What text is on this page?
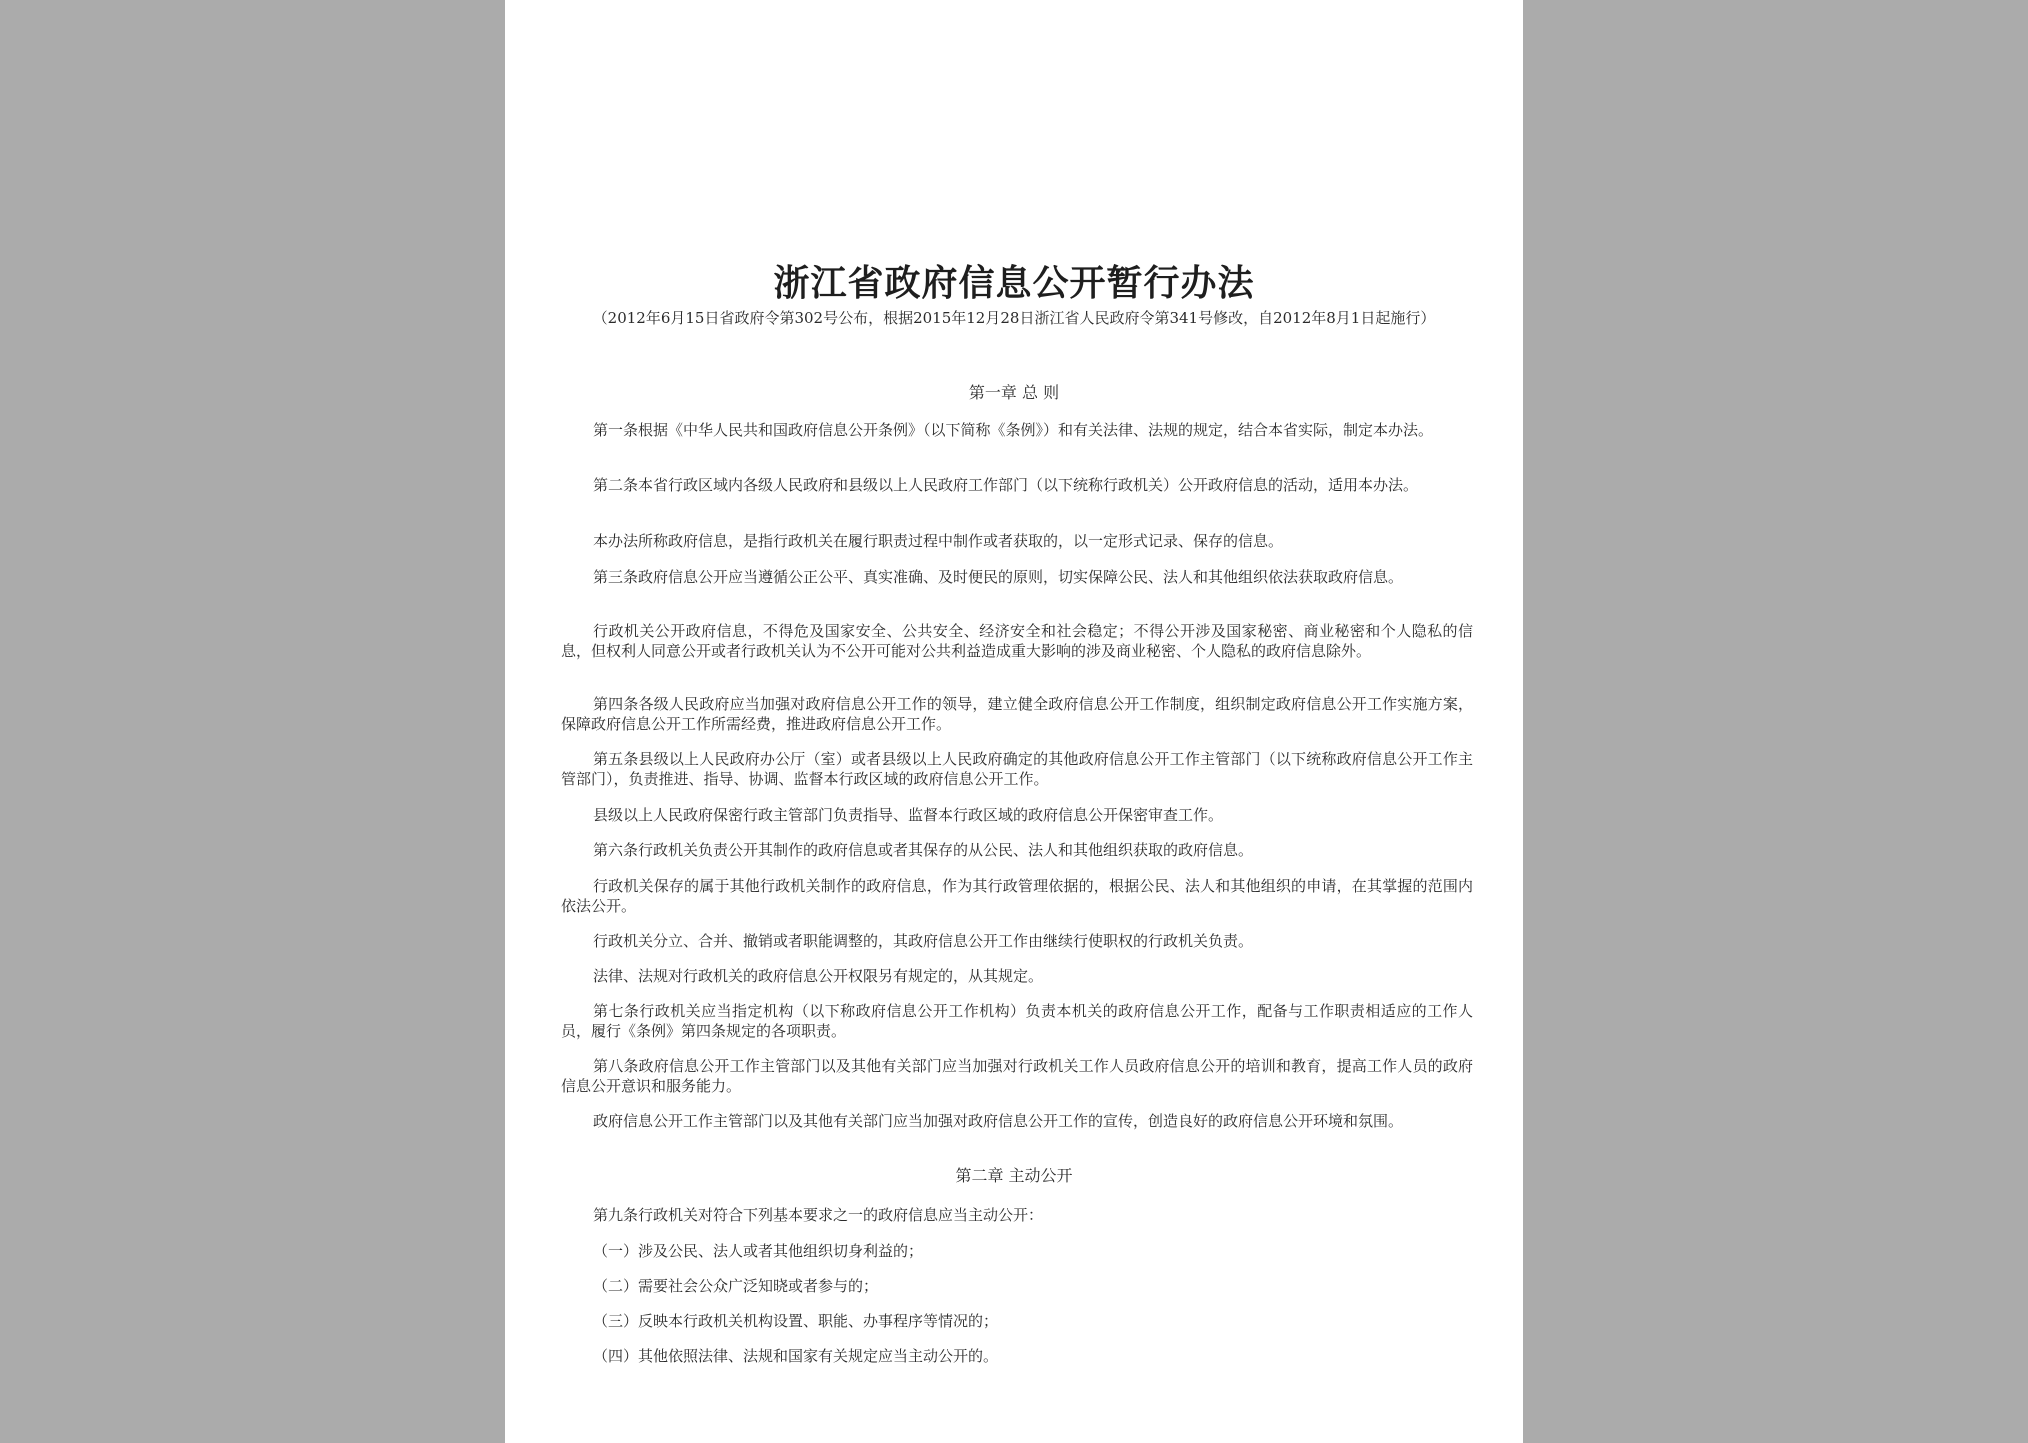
浙江省政府信息公开暂行办法
（2012年6月15日省政府令第302号公布，根据2015年12月28日浙江省人民政府令第341号修改，自2012年8月1日起施行）
第一章 总 则
第一条根据《中华人民共和国政府信息公开条例》（以下简称《条例》）和有关法律、法规的规定，结合本省实际，制定本办法。
第二条本省行政区域内各级人民政府和县级以上人民政府工作部门（以下统称行政机关）公开政府信息的活动，适用本办法。
本办法所称政府信息，是指行政机关在履行职责过程中制作或者获取的，以一定形式记录、保存的信息。
第三条政府信息公开应当遵循公正公平、真实准确、及时便民的原则，切实保障公民、法人和其他组织依法获取政府信息。
行政机关公开政府信息，不得危及国家安全、公共安全、经济安全和社会稳定；不得公开涉及国家秘密、商业秘密和个人隐私的信息，但权利人同意公开或者行政机关认为不公开可能对公共利益造成重大影响的涉及商业秘密、个人隐私的政府信息除外。
第四条各级人民政府应当加强对政府信息公开工作的领导，建立健全政府信息公开工作制度，组织制定政府信息公开工作实施方案，保障政府信息公开工作所需经费，推进政府信息公开工作。
第五条县级以上人民政府办公厅（室）或者县级以上人民政府确定的其他政府信息公开工作主管部门（以下统称政府信息公开工作主管部门），负责推进、指导、协调、监督本行政区域的政府信息公开工作。
县级以上人民政府保密行政主管部门负责指导、监督本行政区域的政府信息公开保密审查工作。
第六条行政机关负责公开其制作的政府信息或者其保存的从公民、法人和其他组织获取的政府信息。
行政机关保存的属于其他行政机关制作的政府信息，作为其行政管理依据的，根据公民、法人和其他组织的申请，在其掌握的范围内依法公开。
行政机关分立、合并、撤销或者职能调整的，其政府信息公开工作由继续行使职权的行政机关负责。
法律、法规对行政机关的政府信息公开权限另有规定的，从其规定。
第七条行政机关应当指定机构（以下称政府信息公开工作机构）负责本机关的政府信息公开工作，配备与工作职责相适应的工作人员，履行《条例》第四条规定的各项职责。
第八条政府信息公开工作主管部门以及其他有关部门应当加强对行政机关工作人员政府信息公开的培训和教育，提高工作人员的政府信息公开意识和服务能力。
政府信息公开工作主管部门以及其他有关部门应当加强对政府信息公开工作的宣传，创造良好的政府信息公开环境和氛围。
第二章 主动公开
第九条行政机关对符合下列基本要求之一的政府信息应当主动公开：
（一）涉及公民、法人或者其他组织切身利益的；
（二）需要社会公众广泛知晓或者参与的；
（三）反映本行政机关机构设置、职能、办事程序等情况的；
（四）其他依照法律、法规和国家有关规定应当主动公开的。
